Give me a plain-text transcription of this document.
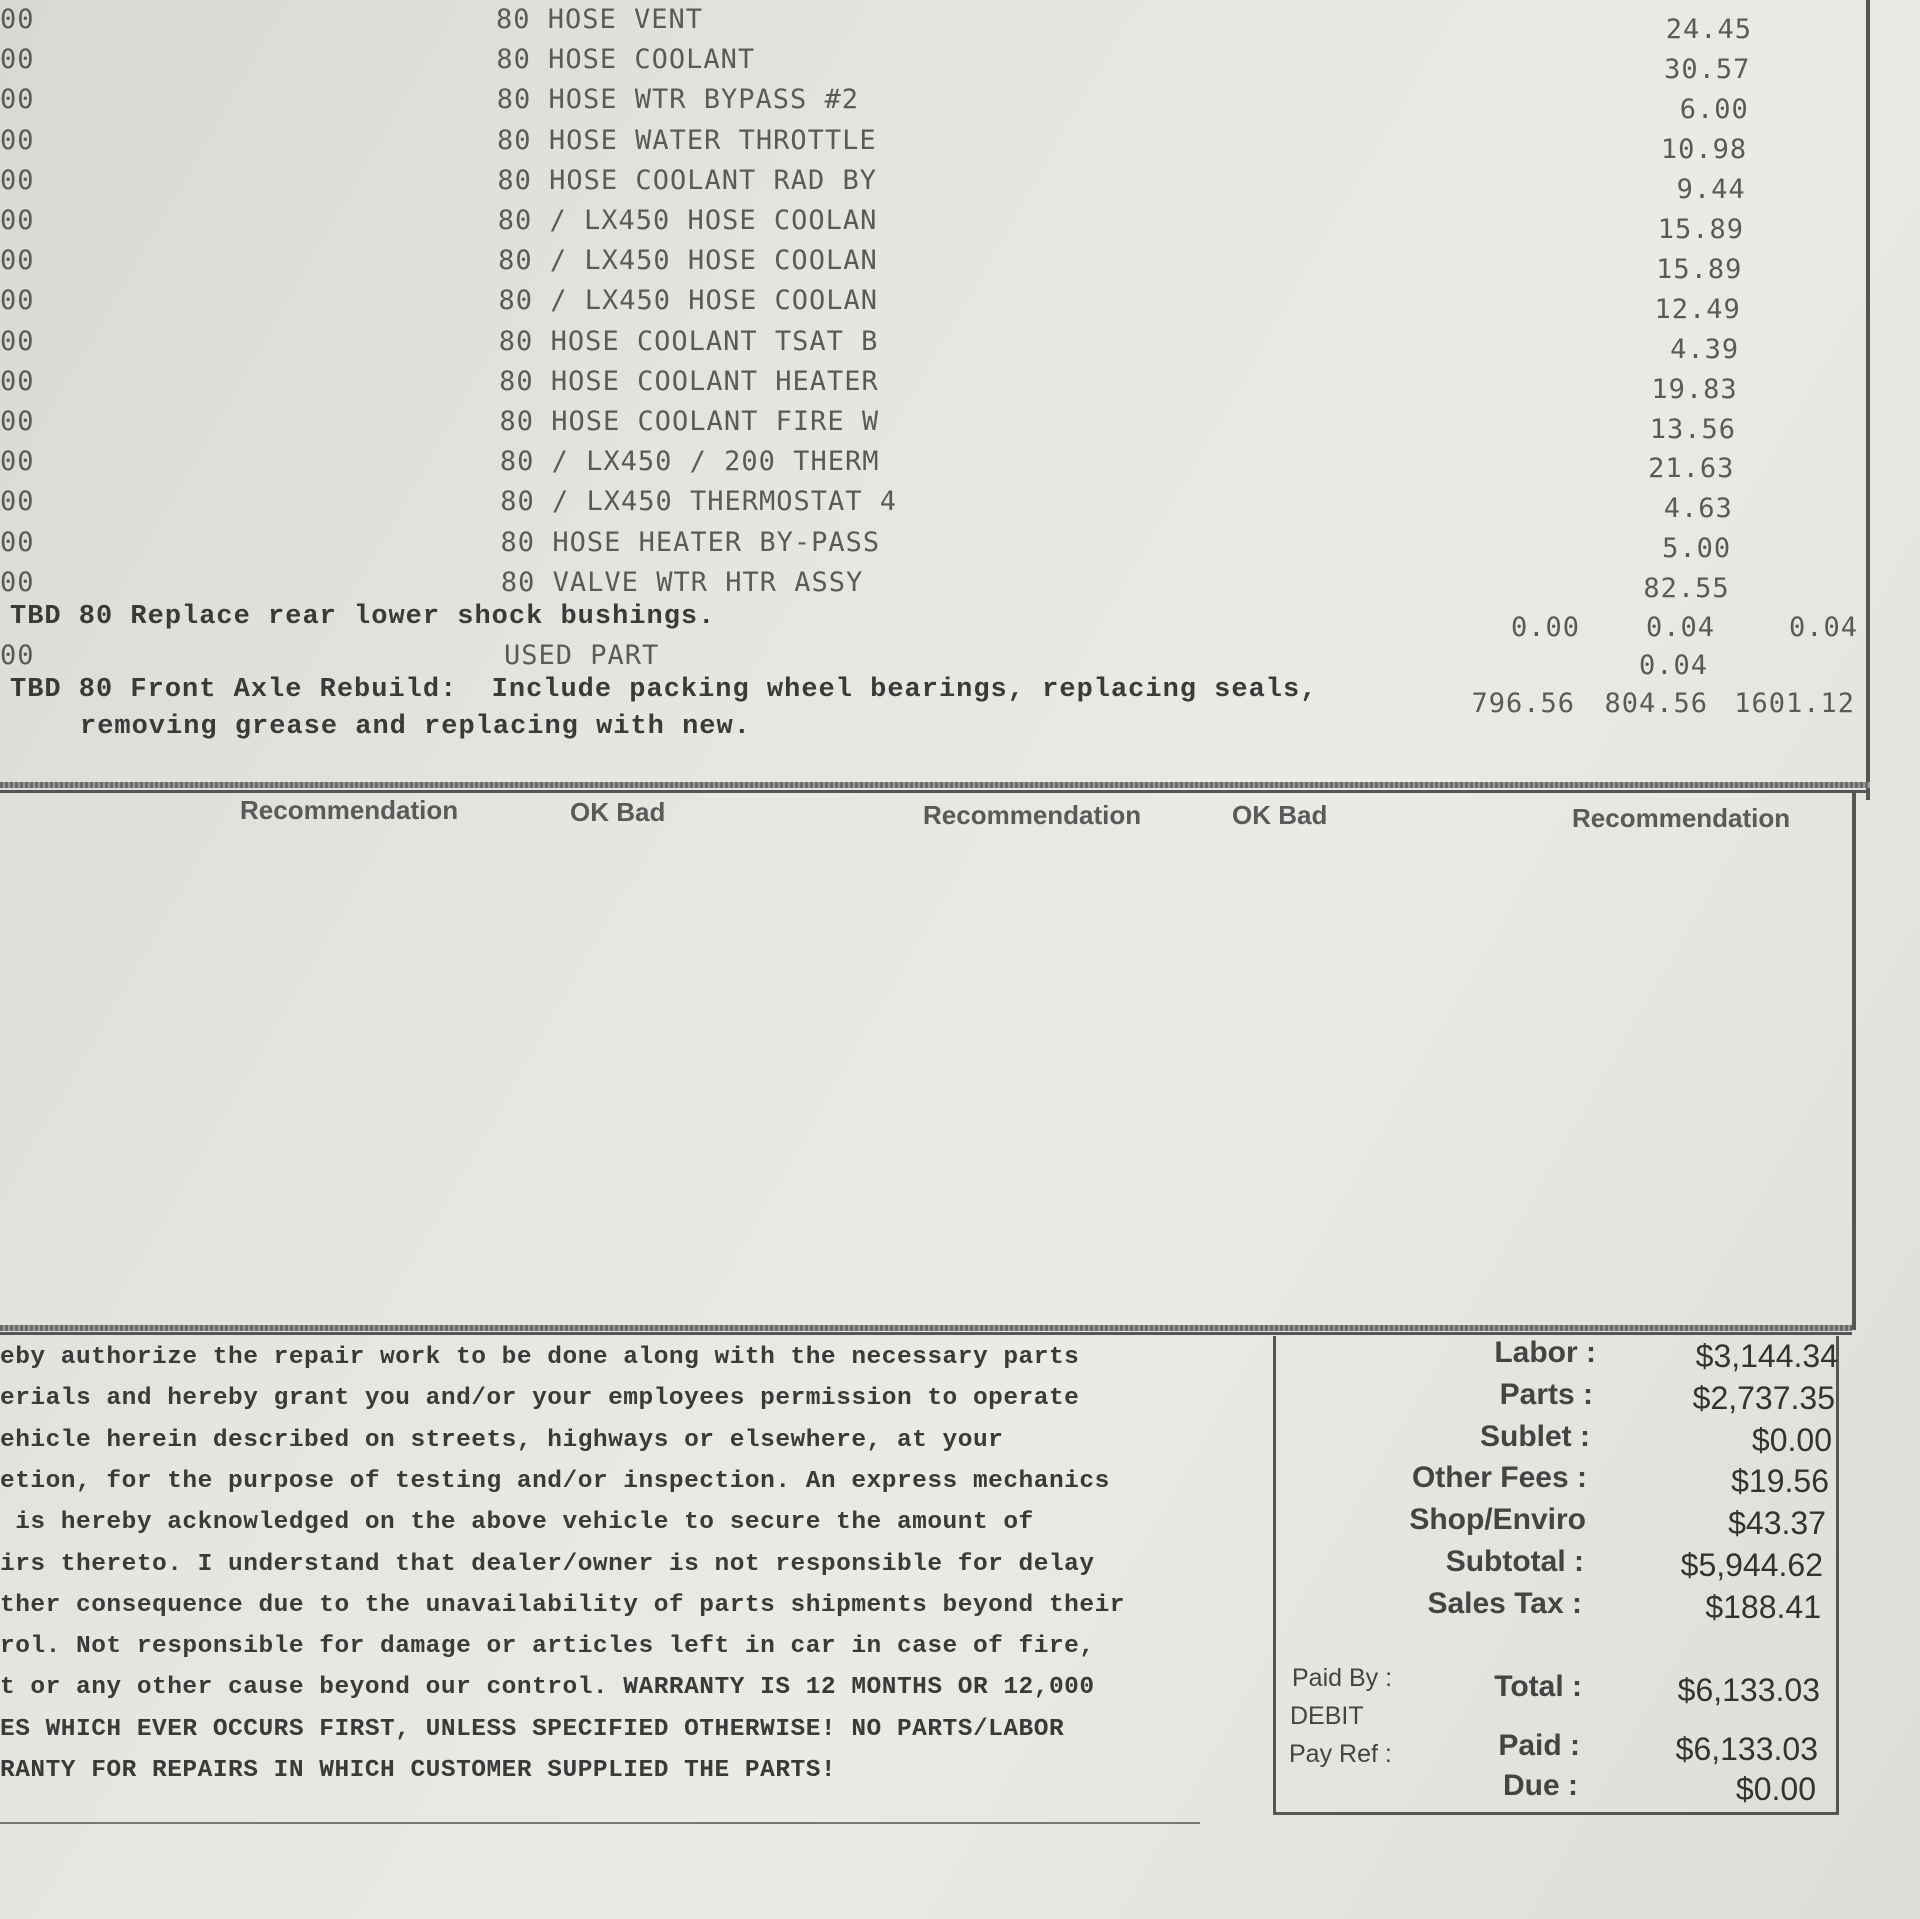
00	80 HOSE VENT	24.45
00	80 HOSE COOLANT	30.57
00	80 HOSE WTR BYPASS #2	6.00
00	80 HOSE WATER THROTTLE	10.98
00	80 HOSE COOLANT RAD BY	9.44
00	80 / LX450 HOSE COOLAN	15.89
00	80 / LX450 HOSE COOLAN	15.89
00	80 / LX450 HOSE COOLAN	12.49
00	80 HOSE COOLANT TSAT B	4.39
00	80 HOSE COOLANT HEATER	19.83
00	80 HOSE COOLANT FIRE W	13.56
00	80 / LX450 / 200 THERM	21.63
00	80 / LX450 THERMOSTAT 4	4.63
00	80 HOSE HEATER BY-PASS	5.00
00	80 VALVE WTR HTR ASSY	82.55
TBD 80 Replace rear lower shock bushings.	0.00	0.04	0.04
00	USED PART	0.04
TBD 80 Front Axle Rebuild:  Include packing wheel bearings, replacing seals,
removing grease and replacing with new.
796.56	804.56 1601.12
Recommendation	OK Bad	Recommendation	OK Bad	Recommendation
eby authorize the repair work to be done along with the necessary parts
erials and hereby grant you and/or your employees permission to operate
ehicle herein described on streets, highways or elsewhere, at your
etion, for the purpose of testing and/or inspection. An express mechanics
is hereby acknowledged on the above vehicle to secure the amount of
irs thereto. I understand that dealer/owner is not responsible for delay
ther consequence due to the unavailability of parts shipments beyond their
rol. Not responsible for damage or articles left in car in case of fire,
t or any other cause beyond our control. WARRANTY IS 12 MONTHS OR 12,000
ES WHICH EVER OCCURS FIRST, UNLESS SPECIFIED OTHERWISE! NO PARTS/LABOR
RANTY FOR REPAIRS IN WHICH CUSTOMER SUPPLIED THE PARTS!
Labor :	$3,144.34
Parts :	$2,737.35
Sublet :	$0.00
Other Fees :	$19.56
Shop/Enviro	$43.37
Subtotal :	$5,944.62
Sales Tax :	$188.41
Total :	$6,133.03
Paid :	$6,133.03
Due :	$0.00
Paid By :
DEBIT
Pay Ref :
